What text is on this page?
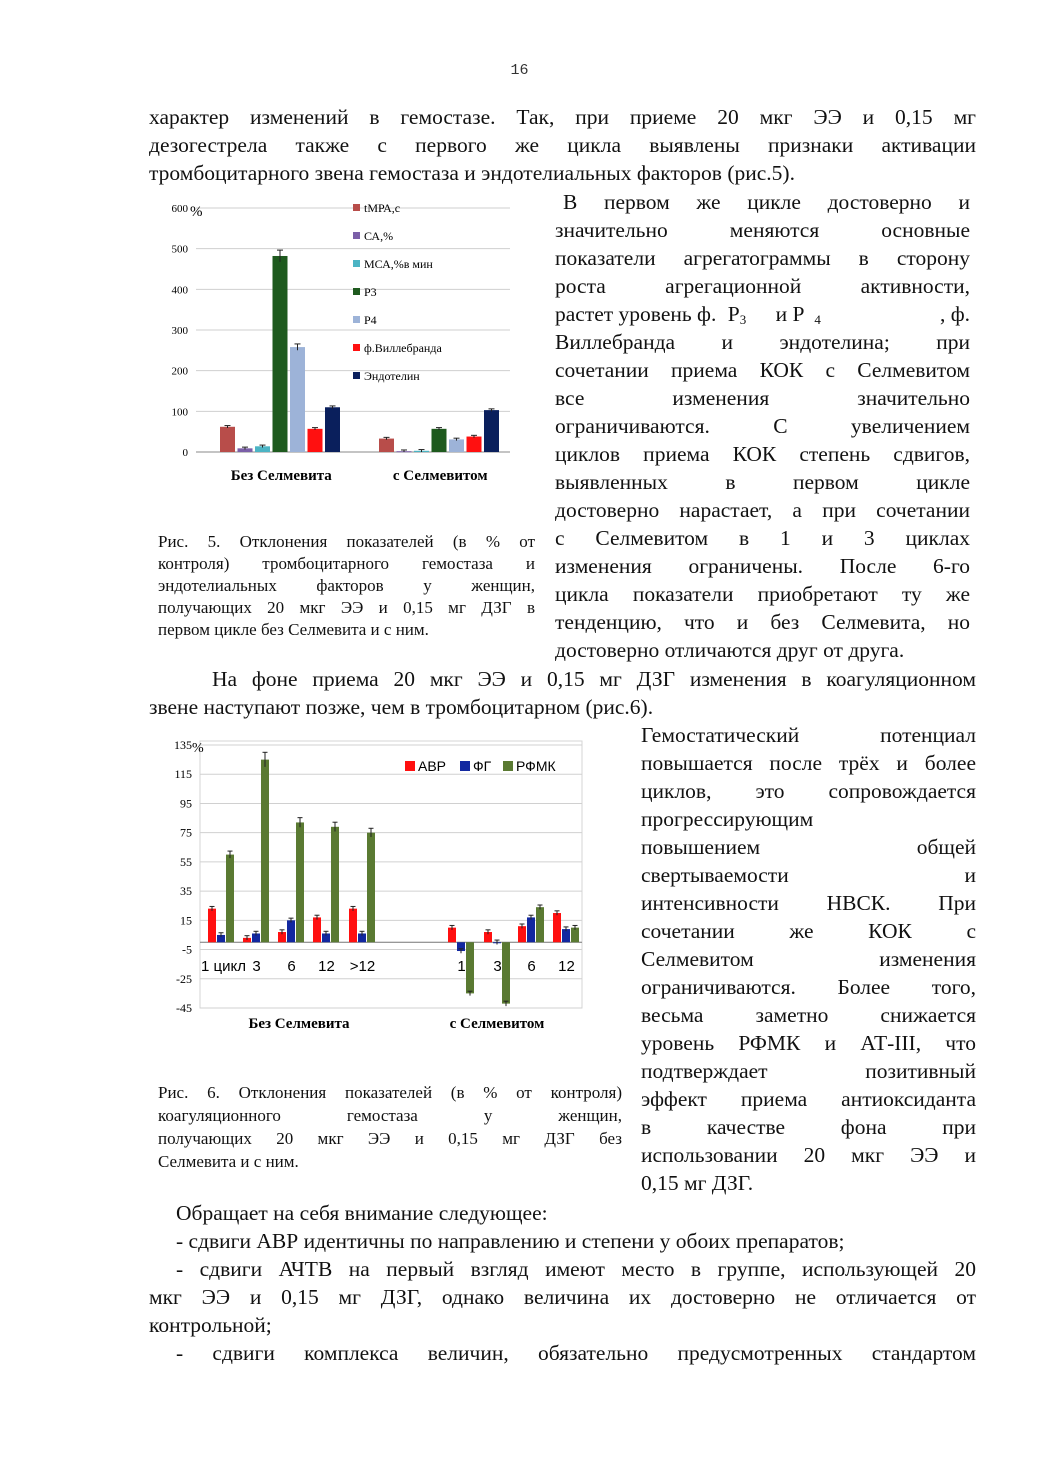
16
характер изменений в гемостазе. Так, при приеме 20 мкг ЭЭ и 0,15 мг
дезогестрела также с первого же цикла выявлены признаки активации
тромбоцитарного звена гемостаза и эндотелиальных факторов (рис.5).
600
500
400
300
200
100
0
%
Без Селмевита	с Селмевитом
tМРА,с
СА,%
МСА,%в мин
Р3
Р4
ф.Виллебранда
Эндотелин
В первом же цикле достоверно и
значительно меняются основные
показатели агрегатограммы в сторону
роста агрегационной активности,
растет уровень ф. $Р_3$ и Р $_4$	, ф.
Виллебранда и эндотелина; при
сочетании приема КОК с Селмевитом
все изменения значительно
ограничиваются. С увеличением
циклов приема КОК степень сдвигов,
выявленных в первом цикле
достоверно нарастает, а при сочетании
с Селмевитом в 1 и 3 циклах
изменения ограничены. После 6-го
цикла показатели приобретают ту же
тенденцию, что и без Селмевита, но
достоверно отличаются друг от друга.
Рис. 5. Отклонения показателей (в % от
контроля) тромбоцитарного гемостаза и
эндотелиальных факторов у женщин,
получающих 20 мкг ЭЭ и 0,15 мг ДЗГ в
первом цикле без Селмевита и с ним.
На фоне приема 20 мкг ЭЭ и 0,15 мг ДЗГ изменения в коагуляционном
звене наступают позже, чем в тромбоцитарном (рис.6).
135
115
95
75
55
35
15
-5
-25
-45
%
1 цикл 3 6 12 >12	1 3 6 12
Без Селмевита	с Селмевитом
АВР ФГ РФМК
Гемостатический потенциал
повышается после трёх и более
циклов, это сопровождается
прогрессирующим
повышением общей
свертываемости и
интенсивности НВСК. При
сочетании же КОК с
Селмевитом изменения
ограничиваются. Более того,
весьма заметно снижается
уровень РФМК и АТ-III, что
подтверждает позитивный
эффект приема антиоксиданта
в качестве фона при
использовании 20 мкг ЭЭ и
0,15 мг ДЗГ.
Рис. 6. Отклонения показателей (в % от контроля)
коагуляционного гемостаза у женщин,
получающих 20 мкг ЭЭ и 0,15 мг ДЗГ без
Селмевита и с ним.
Обращает на себя внимание следующее:
- сдвиги АВР идентичны по направлению и степени у обоих препаратов;
- сдвиги АЧТВ на первый взгляд имеют место в группе, использующей 20
мкг ЭЭ и 0,15 мг ДЗГ, однако величина их достоверно не отличается от
контрольной;
- сдвиги комплекса величин, обязательно предусмотренных стандартом
